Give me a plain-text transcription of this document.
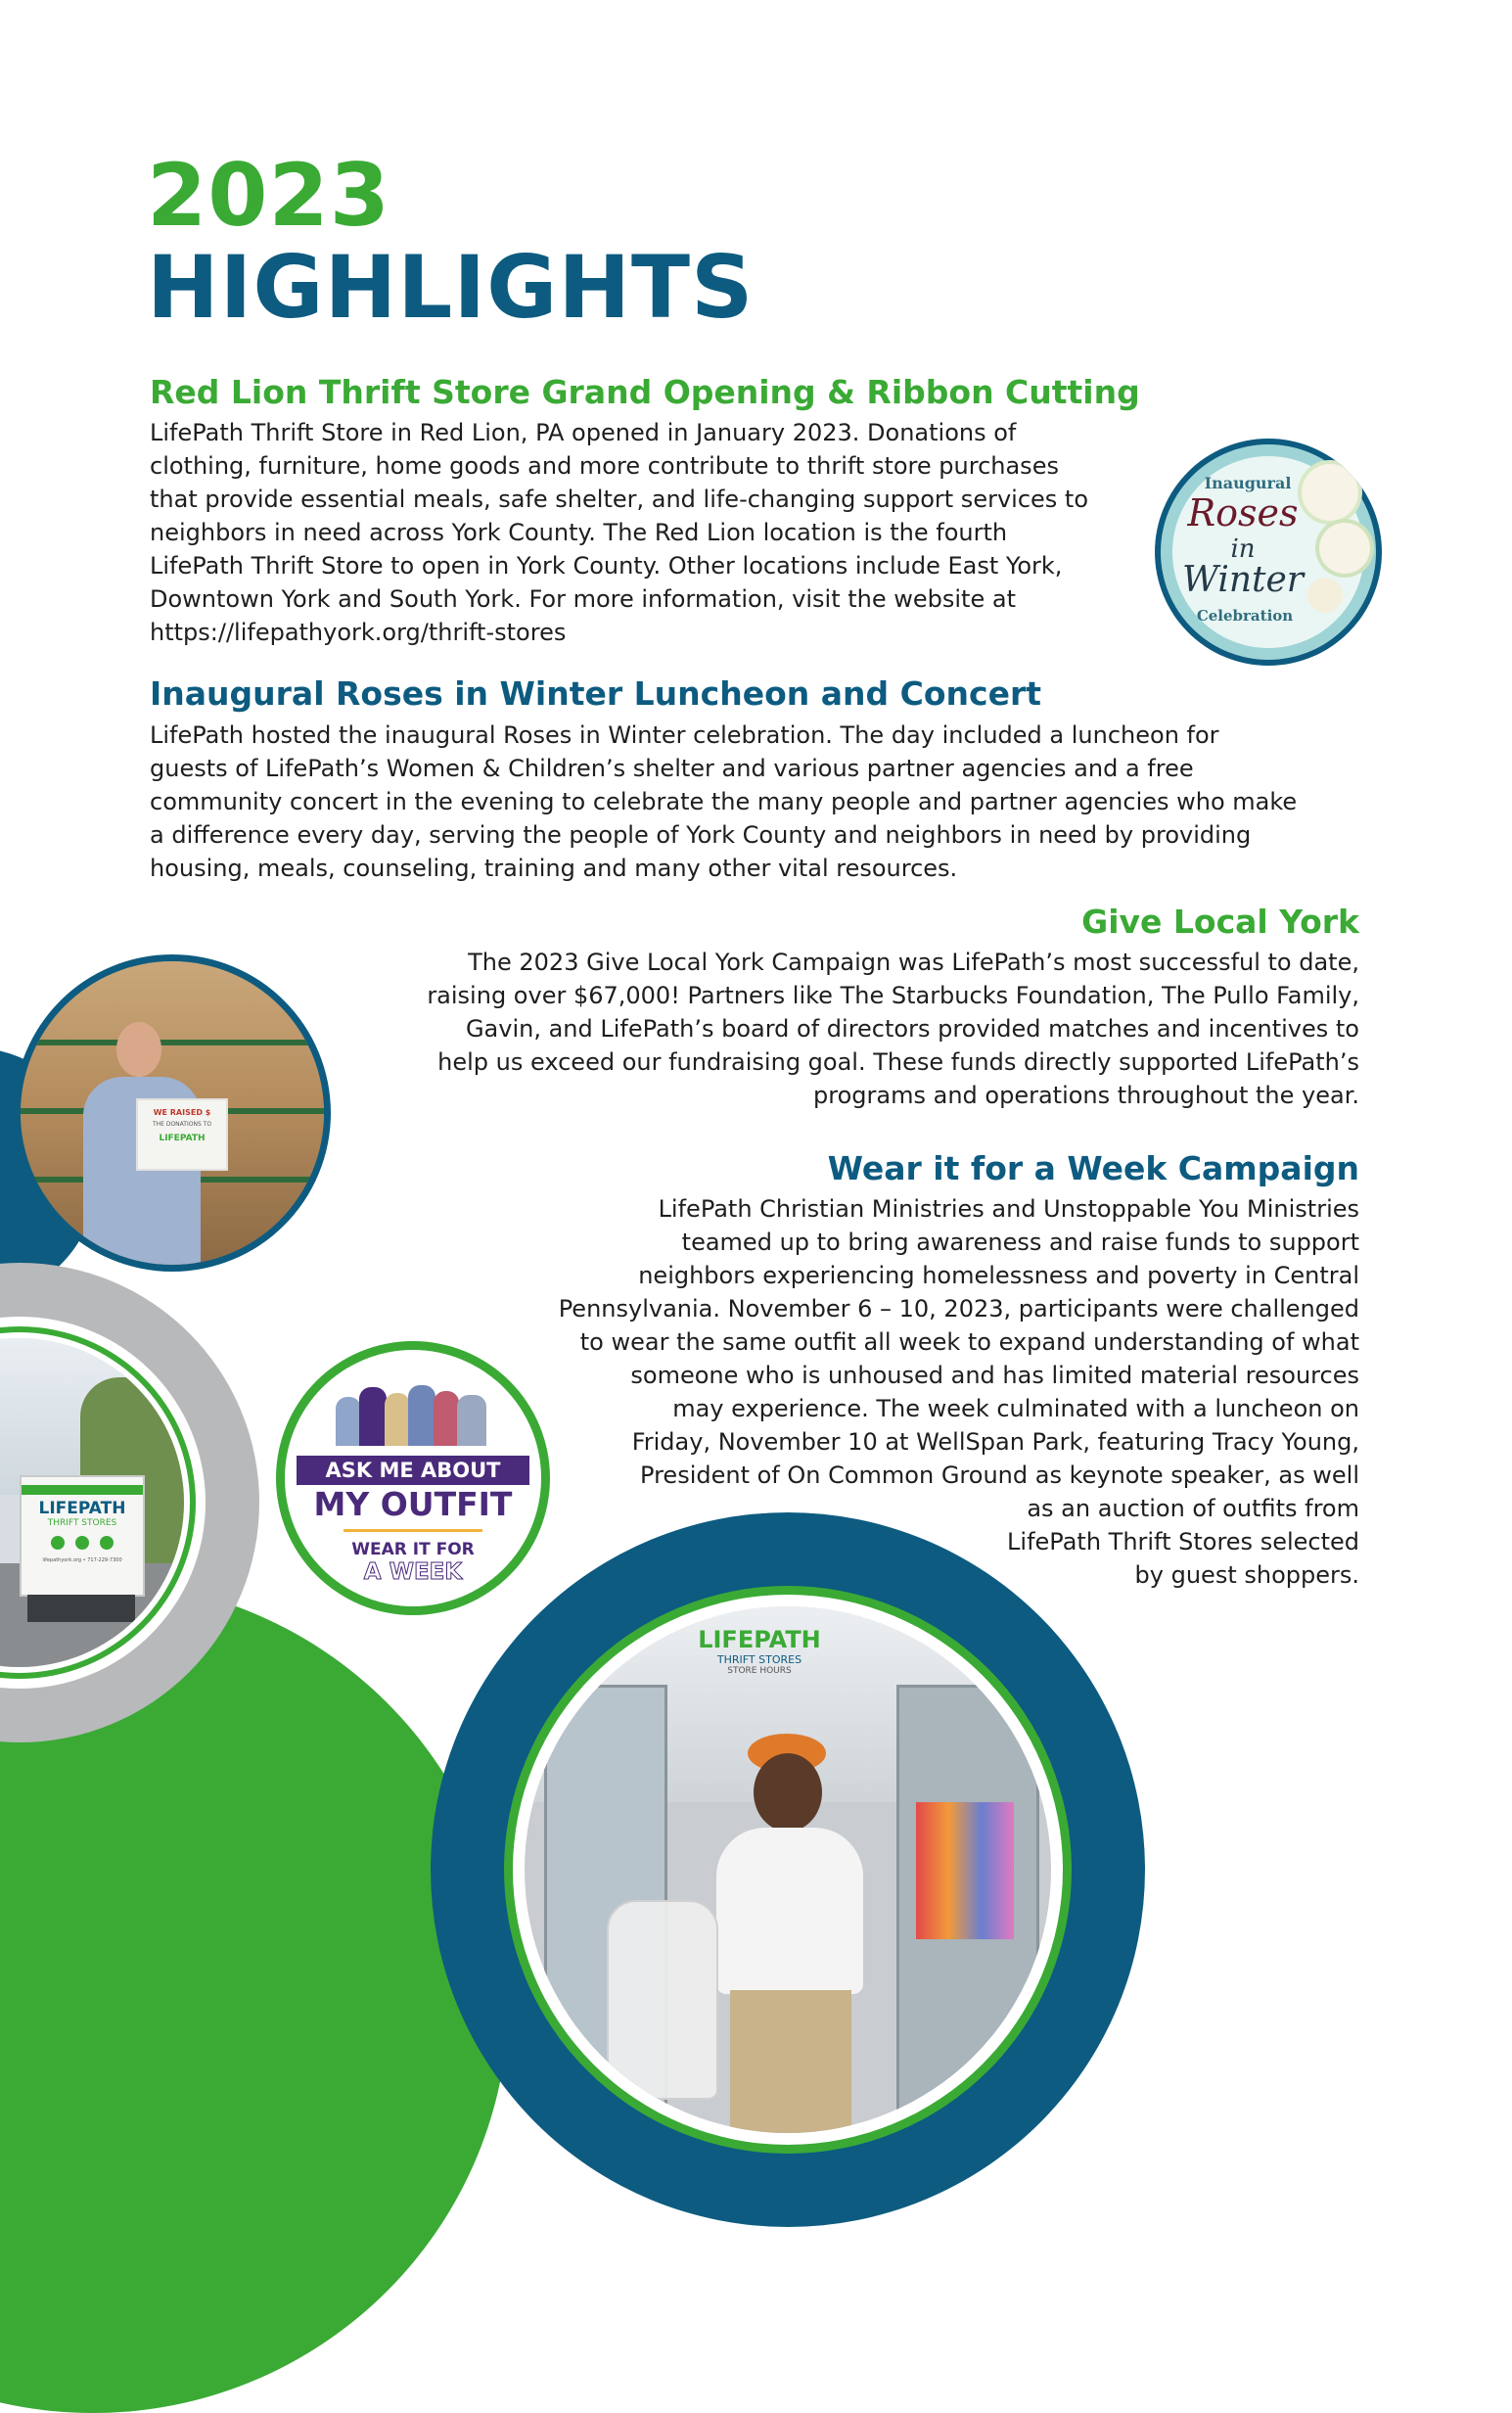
2023
HIGHLIGHTS
Red Lion Thrift Store Grand Opening & Ribbon Cutting

LifePath Thrift Store in Red Lion, PA opened in January 2023. Donations of

clothing, furniture, home goods and more contribute to thrift store purchases

that provide essential meals, safe shelter, and life-changing support services to

neighbors in need across York County. The Red Lion location is the fourth

LifePath Thrift Store to open in York County. Other locations include East York,

Downtown York and South York. For more information, visit the website at

https://lifepathyork.org/thrift-stores

Inaugural
Roses
in
Winter
Celebration
Inaugural Roses in Winter Luncheon and Concert

LifePath hosted the inaugural Roses in Winter celebration. The day included a luncheon for

guests of LifePath’s Women & Children’s shelter and various partner agencies and a free

community concert in the evening to celebrate the many people and partner agencies who make

a difference every day, serving the people of York County and neighbors in need by providing

housing, meals, counseling, training and many other vital resources.

Give Local York

The 2023 Give Local York Campaign was LifePath’s most successful to date,

raising over $67,000! Partners like The Starbucks Foundation, The Pullo Family,

Gavin, and LifePath’s board of directors provided matches and incentives to

help us exceed our fundraising goal. These funds directly supported LifePath’s

programs and operations throughout the year.

WE RAISED $
THE DONATIONS TO
LIFEPATH
Wear it for a Week Campaign

LifePath Christian Ministries and Unstoppable You Ministries

teamed up to bring awareness and raise funds to support

neighbors experiencing homelessness and poverty in Central

Pennsylvania. November 6 – 10, 2023, participants were challenged

to wear the same outfit all week to expand understanding of what

someone who is unhoused and has limited material resources

may experience. The week culminated with a luncheon on

Friday, November 10 at WellSpan Park, featuring Tracy Young,

President of On Common Ground as keynote speaker, as well

as an auction of outfits from

LifePath Thrift Stores selected

by guest shoppers.

LIFEPATH
THRIFT STORES
lifepathyork.org • 717-229-7300
ASK ME ABOUT
MY OUTFIT
WEAR IT FOR
A WEEK
LIFEPATH
THRIFT STORES
STORE HOURS
